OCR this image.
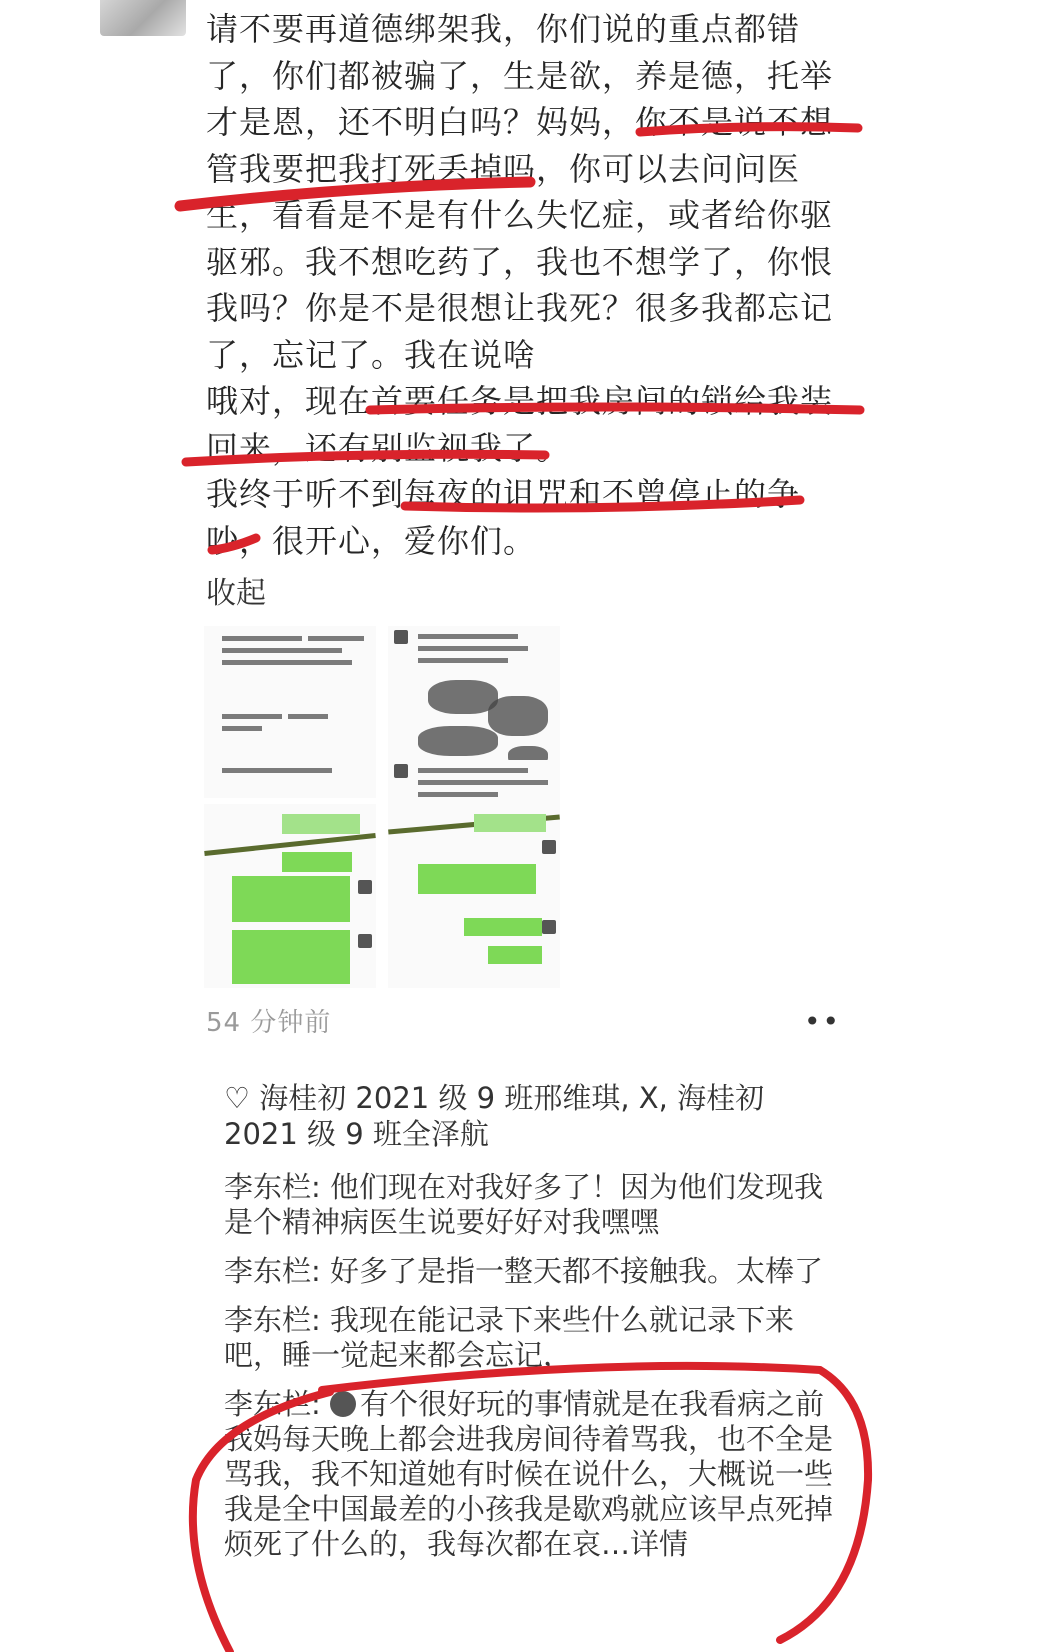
请不要再道德绑架我，你们说的重点都错

了，你们都被骗了，生是欲，养是德，托举

才是恩，还不明白吗？妈妈，你不是说不想

管我要把我打死丢掉吗，你可以去问问医

生，看看是不是有什么失忆症，或者给你驱

驱邪。我不想吃药了，我也不想学了，你恨

我吗？你是不是很想让我死？很多我都忘记

了，忘记了。我在说啥

哦对，现在首要任务是把我房间的锁给我装

回来，还有别监视我了。

我终于听不到每夜的诅咒和不曾停止的争

吵，很开心，爱你们。

收起
54 分钟前	••
♡ 海桂初 2021 级 9 班邢维琪, X, 海桂初 2021 级 9 班全泽航
李东栏: 他们现在对我好多了！因为他们发现我是个精神病医生说要好好对我嘿嘿
李东栏: 好多了是指一整天都不接触我。太棒了
李东栏: 我现在能记录下来些什么就记录下来吧，睡一觉起来都会忘记，
李东栏: 有个很好玩的事情就是在我看病之前我妈每天晚上都会进我房间待着骂我，也不全是骂我，我不知道她有时候在说什么，大概说一些我是全中国最差的小孩我是歇鸡就应该早点死掉烦死了什么的，我每次都在哀…详情
